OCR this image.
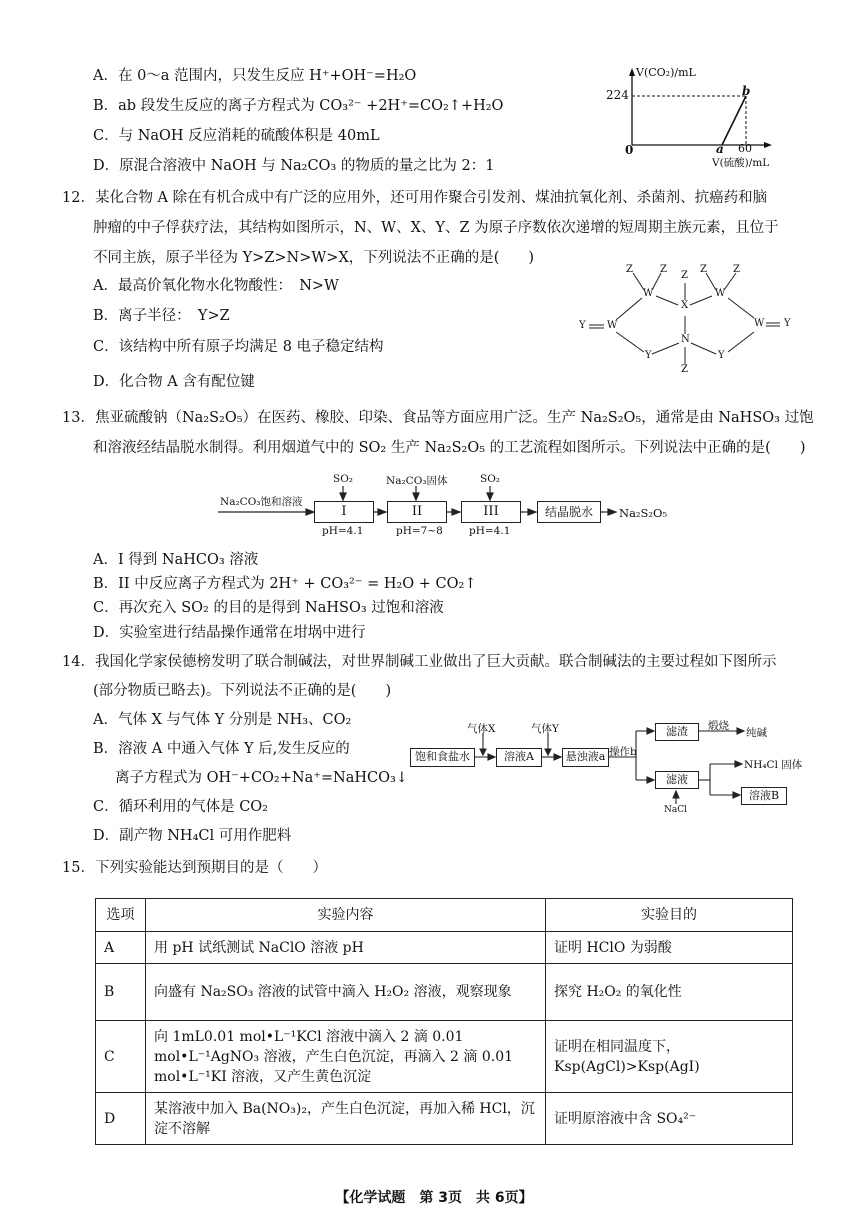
A．在 0～a 范围内，只发生反应 H⁺+OH⁻=H₂O
B．ab 段发生反应的离子方程式为 CO₃²⁻ +2H⁺=CO₂↑+H₂O
C．与 NaOH 反应消耗的硫酸体积是 40mL
D．原混合溶液中 NaOH 与 Na₂CO₃ 的物质的量之比为 2：1
V(CO₂)/mL
224	b
0	a 60
V(硫酸)/mL
12．某化合物 A 除在有机合成中有广泛的应用外，还可用作聚合引发剂、煤油抗氧化剂、杀菌剂、抗癌药和脑
肿瘤的中子俘获疗法，其结构如图所示，N、W、X、Y、Z 为原子序数依次递增的短周期主族元素，且位于
不同主族，原子半径为 Y>Z>N>W>X，下列说法不正确的是(　　)
A．最高价氧化物水化物酸性：　N>W
B．离子半径：　Y>Z
C．该结构中所有原子均满足 8 电子稳定结构
D．化合物 A 含有配位键
Z	Z
Z
Z	Z
W	W
X
W
Y	W Y
N
Y	Y
Z
13．焦亚硫酸钠（Na₂S₂O₅）在医药、橡胶、印染、食品等方面应用广泛。生产 Na₂S₂O₅，通常是由 NaHSO₃ 过饱
和溶液经结晶脱水制得。利用烟道气中的 SO₂ 生产 Na₂S₂O₅ 的工艺流程如图所示。下列说法中正确的是(　　)
Na₂CO₃饱和溶液
SO₂	Na₂CO₃固体	SO₂
I	II	III	结晶脱水	Na₂S₂O₅
pH=4.1	pH=7~8 pH=4.1
A．I 得到 NaHCO₃ 溶液
B．II 中反应离子方程式为 2H⁺ + CO₃²⁻ = H₂O + CO₂↑
C．再次充入 SO₂ 的目的是得到 NaHSO₃ 过饱和溶液
D．实验室进行结晶操作通常在坩埚中进行
14．我国化学家侯德榜发明了联合制碱法，对世界制碱工业做出了巨大贡献。联合制碱法的主要过程如下图所示
(部分物质已略去)。下列说法不正确的是(　　)
A．气体 X 与气体 Y 分别是 NH₃、CO₂
B．溶液 A 中通入气体 Y 后,发生反应的
离子方程式为 OH⁻+CO₂+Na⁺=NaHCO₃↓
C．循环利用的气体是 CO₂
D．副产物 NH₄Cl 可用作肥料
饱和食盐水
气体X	气体Y
溶液A	悬浊液a 操作b
滤渣
滤液
煅烧
纯碱
NH₄Cl 固体
溶液B
NaCl
15．下列实验能达到预期目的是（　　）
选项	实验内容	实验目的
A	用 pH 试纸测试 NaClO 溶液 pH	证明 HClO 为弱酸
B	向盛有 Na₂SO₃ 溶液的试管中滴入 H₂O₂ 溶液，观察现象	探究 H₂O₂ 的氧化性
C	向 1mL0.01 mol•L⁻¹KCl 溶液中滴入 2 滴 0.01 mol•L⁻¹AgNO₃ 溶液，产生白色沉淀，再滴入 2 滴 0.01 mol•L⁻¹KI 溶液，又产生黄色沉淀	证明在相同温度下，Ksp(AgCl)>Ksp(AgI)
D	某溶液中加入 Ba(NO₃)₂，产生白色沉淀，再加入稀 HCl，沉淀不溶解	证明原溶液中含 SO₄²⁻
【化学试题　第 3页　共 6页】
